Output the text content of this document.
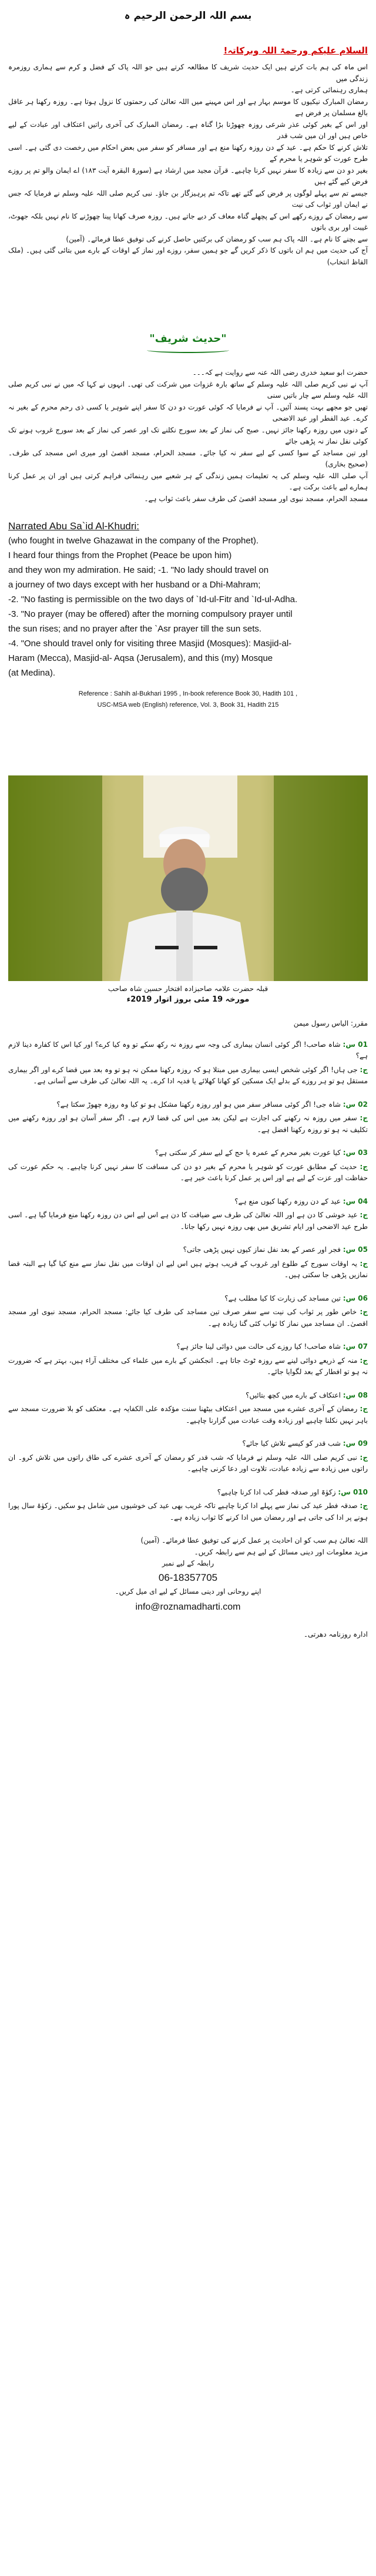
بسم اللہ الرحمن الرحیم ہ
السلام علیکم ورحمۃ اللہ وبرکاتہ!

اس ماہ کی ہم بات کرتے ہیں ایک حدیث شریف کا مطالعہ کرتے ہیں جو اللہ پاک کے فضل و کرم سے ہماری روزمرہ زندگی میں

ہماری رہنمائی کرتی ہے۔

رمضان المبارک نیکیوں کا موسم بہار ہے اور اس مہینے میں اللہ تعالیٰ کی رحمتوں کا نزول ہوتا ہے۔ روزہ رکھنا ہر عاقل بالغ مسلمان پر فرض ہے

اور اس کے بغیر کوئی عذر شرعی روزہ چھوڑنا بڑا گناہ ہے۔ رمضان المبارک کی آخری راتیں اعتکاف اور عبادت کے لیے خاص ہیں اور ان میں شب قدر

تلاش کرنے کا حکم ہے۔ عید کے دن روزہ رکھنا منع ہے اور مسافر کو سفر میں بعض احکام میں رخصت دی گئی ہے۔ اسی طرح عورت کو شوہر یا محرم کے

بغیر دو دن سے زیادہ کا سفر نہیں کرنا چاہیے۔ قرآن مجید میں ارشاد ہے (سورۃ البقرہ آیت ۱۸۳) اے ایمان والو تم پر روزے فرض کیے گئے ہیں

جیسے تم سے پہلے لوگوں پر فرض کیے گئے تھے تاکہ تم پرہیزگار بن جاؤ۔ نبی کریم صلی اللہ علیہ وسلم نے فرمایا کہ جس نے ایمان اور ثواب کی نیت

سے رمضان کے روزے رکھے اس کے پچھلے گناہ معاف کر دیے جاتے ہیں۔ روزہ صرف کھانا پینا چھوڑنے کا نام نہیں بلکہ جھوٹ، غیبت اور بری باتوں

سے بچنے کا نام ہے۔ اللہ پاک ہم سب کو رمضان کی برکتیں حاصل کرنے کی توفیق عطا فرمائے۔ (آمین)

آج کی حدیث میں ہم ان باتوں کا ذکر کریں گے جو ہمیں سفر، روزے اور نماز کے اوقات کے بارے میں بتائی گئی ہیں۔ (ملک الفاظ انتخاب)

"حدیث شریف"

حضرت ابو سعید خدری رضی اللہ عنہ سے روایت ہے کہ۔۔۔

آپ نے نبی کریم صلی اللہ علیہ وسلم کے ساتھ بارہ غزوات میں شرکت کی تھی۔ انہوں نے کہا کہ میں نے نبی کریم صلی اللہ علیہ وسلم سے چار باتیں سنی

تھیں جو مجھے بہت پسند آئیں۔ آپ نے فرمایا کہ کوئی عورت دو دن کا سفر اپنے شوہر یا کسی ذی رحم محرم کے بغیر نہ کرے۔ عید الفطر اور عید الاضحی

کے دنوں میں روزہ رکھنا جائز نہیں۔ صبح کی نماز کے بعد سورج نکلنے تک اور عصر کی نماز کے بعد سورج غروب ہونے تک کوئی نفل نماز نہ پڑھی جائے

اور تین مساجد کے سوا کسی کے لیے سفر نہ کیا جائے۔ مسجد الحرام، مسجد اقصیٰ اور میری اس مسجد کی طرف۔ (صحیح بخاری)

آپ صلی اللہ علیہ وسلم کی یہ تعلیمات ہمیں زندگی کے ہر شعبے میں رہنمائی فراہم کرتی ہیں اور ان پر عمل کرنا ہمارے لیے باعث برکت ہے۔

مسجد الحرام، مسجد نبوی اور مسجد اقصیٰ کی طرف سفر باعث ثواب ہے۔

Narrated Abu Sa`id Al-Khudri:

(who fought in twelve Ghazawat in the company of the Prophet).

I heard four things from the Prophet (Peace be upon him)

and they won my admiration. He said; -1. "No lady should travel on

a journey of two days except with her husband or a Dhi-Mahram;

-2. "No fasting is permissible on the two days of `Id-ul-Fitr and `Id-ul-Adha.

-3. "No prayer (may be offered) after the morning compulsory prayer until

the sun rises; and no prayer after the `Asr prayer till the sun sets.

-4. "One should travel only for visiting three Masjid (Mosques): Masjid-al-

Haram (Mecca), Masjid-al- Aqsa (Jerusalem), and this (my) Mosque

(at Medina).

Reference : Sahih al-Bukhari 1995 , In-book reference Book 30, Hadith 101 ,

USC-MSA web (English) reference, Vol. 3, Book 31, Hadith 215

قبلہ حضرت علامہ صاحبزادہ افتخار حسین شاہ صاحب

مورخہ 19 مئی بروز اتوار 2019ء

مقرر: الیاس رسول میمن

01 س: شاہ صاحب! اگر کوئی انسان بیماری کی وجہ سے روزہ نہ رکھ سکے تو وہ کیا کرے؟ اور کیا اس کا کفارہ دینا لازم ہے؟

ج: جی ہاں! اگر کوئی شخص ایسی بیماری میں مبتلا ہو کہ روزہ رکھنا ممکن نہ ہو تو وہ بعد میں قضا کرے اور اگر بیماری مستقل ہو تو ہر روزے کے بدلے ایک مسکین کو کھانا کھلائے یا فدیہ ادا کرے۔ یہ اللہ تعالیٰ کی طرف سے آسانی ہے۔

02 س: شاہ جی! اگر کوئی مسافر سفر میں ہو اور روزہ رکھنا مشکل ہو تو کیا وہ روزہ چھوڑ سکتا ہے؟

ج: سفر میں روزہ نہ رکھنے کی اجازت ہے لیکن بعد میں اس کی قضا لازم ہے۔ اگر سفر آسان ہو اور روزہ رکھنے میں تکلیف نہ ہو تو روزہ رکھنا افضل ہے۔

03 س: کیا عورت بغیر محرم کے عمرہ یا حج کے لیے سفر کر سکتی ہے؟

ج: حدیث کے مطابق عورت کو شوہر یا محرم کے بغیر دو دن کی مسافت کا سفر نہیں کرنا چاہیے۔ یہ حکم عورت کی حفاظت اور عزت کے لیے ہے اور اس پر عمل کرنا باعث خیر ہے۔

04 س: عید کے دن روزہ رکھنا کیوں منع ہے؟

ج: عید خوشی کا دن ہے اور اللہ تعالیٰ کی طرف سے ضیافت کا دن ہے اس لیے اس دن روزہ رکھنا منع فرمایا گیا ہے۔ اسی طرح عید الاضحی اور ایام تشریق میں بھی روزہ نہیں رکھا جاتا۔

05 س: فجر اور عصر کے بعد نفل نماز کیوں نہیں پڑھی جاتی؟

ج: یہ اوقات سورج کے طلوع اور غروب کے قریب ہوتے ہیں اس لیے ان اوقات میں نفل نماز سے منع کیا گیا ہے البتہ قضا نمازیں پڑھی جا سکتی ہیں۔

06 س: تین مساجد کی زیارت کا کیا مطلب ہے؟

ج: خاص طور پر ثواب کی نیت سے سفر صرف تین مساجد کی طرف کیا جائے: مسجد الحرام، مسجد نبوی اور مسجد اقصیٰ۔ ان مساجد میں نماز کا ثواب کئی گنا زیادہ ہے۔

07 س: شاہ صاحب! کیا روزے کی حالت میں دوائی لینا جائز ہے؟

ج: منہ کے ذریعے دوائی لینے سے روزہ ٹوٹ جاتا ہے۔ انجکشن کے بارے میں علماء کی مختلف آراء ہیں، بہتر ہے کہ ضرورت نہ ہو تو افطار کے بعد لگوایا جائے۔

08 س: اعتکاف کے بارے میں کچھ بتائیں؟

ج: رمضان کے آخری عشرے میں مسجد میں اعتکاف بیٹھنا سنت مؤکدہ علی الکفایہ ہے۔ معتکف کو بلا ضرورت مسجد سے باہر نہیں نکلنا چاہیے اور زیادہ وقت عبادت میں گزارنا چاہیے۔

09 س: شب قدر کو کیسے تلاش کیا جائے؟

ج: نبی کریم صلی اللہ علیہ وسلم نے فرمایا کہ شب قدر کو رمضان کے آخری عشرے کی طاق راتوں میں تلاش کرو۔ ان راتوں میں زیادہ سے زیادہ عبادت، تلاوت اور دعا کرنی چاہیے۔

010 س: زکوٰۃ اور صدقہ فطر کب ادا کرنا چاہیے؟

ج: صدقہ فطر عید کی نماز سے پہلے ادا کرنا چاہیے تاکہ غریب بھی عید کی خوشیوں میں شامل ہو سکیں۔ زکوٰۃ سال پورا ہونے پر ادا کی جاتی ہے اور رمضان میں ادا کرنے کا ثواب زیادہ ہے۔

اللہ تعالیٰ ہم سب کو ان احادیث پر عمل کرنے کی توفیق عطا فرمائے۔ (آمین)

مزید معلومات اور دینی مسائل کے لیے ہم سے رابطہ کریں۔

رابطہ کے لیے نمبر

06-18357705

اپنے روحانی اور دینی مسائل کے لیے ای میل کریں۔

info@roznamadharti.com

ادارہ روزنامہ دھرتی۔
